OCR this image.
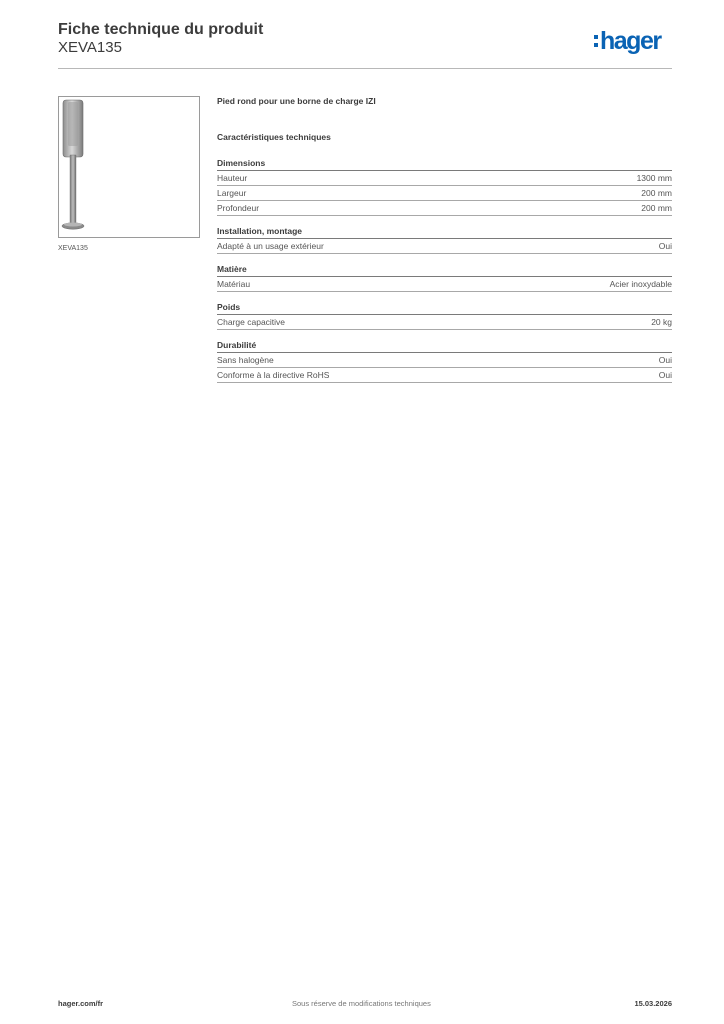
Fiche technique du produit
XEVA135	hager
XEVA135
Pied rond pour une borne de charge IZI
Caractéristiques techniques
Dimensions
Hauteur	1300 mm
Largeur	200 mm
Profondeur	200 mm
Installation, montage
Adapté à un usage extérieur	Oui
Matière
Matériau	Acier inoxydable
Poids
Charge capacitive	20 kg
Durabilité
Sans halogène	Oui
Conforme à la directive RoHS	Oui
hager.com/fr	Sous réserve de modifications techniques	15.03.2026
